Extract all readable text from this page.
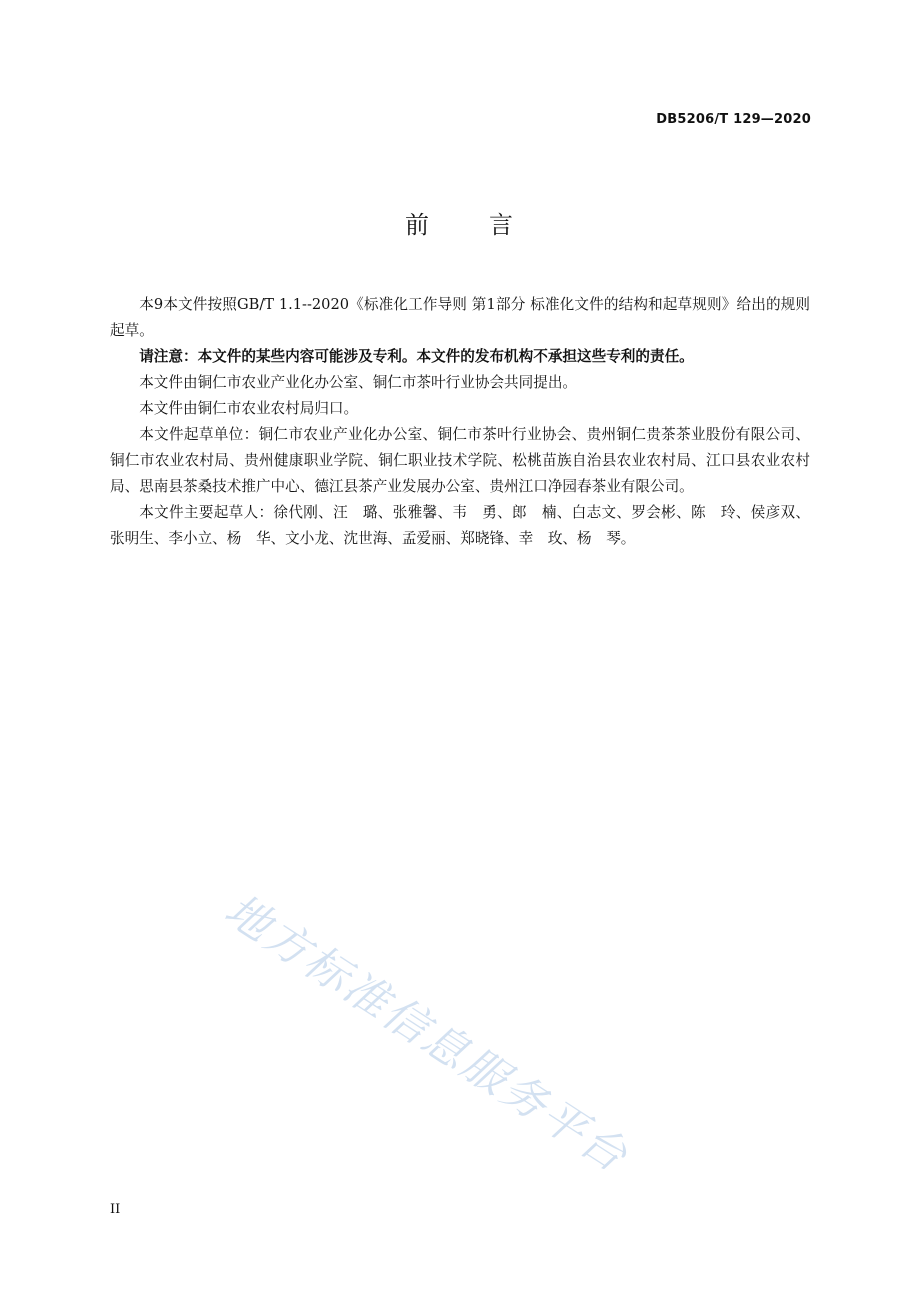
DB5206/T 129—2020
前 言

本9本文件按照GB/T 1.1--2020《标准化工作导则 第1部分 标准化文件的结构和起草规则》给出的规则起草。

请注意：本文件的某些内容可能涉及专利。本文件的发布机构不承担这些专利的责任。

本文件由铜仁市农业产业化办公室、铜仁市茶叶行业协会共同提出。

本文件由铜仁市农业农村局归口。

本文件起草单位：铜仁市农业产业化办公室、铜仁市茶叶行业协会、贵州铜仁贵茶茶业股份有限公司、铜仁市农业农村局、贵州健康职业学院、铜仁职业技术学院、松桃苗族自治县农业农村局、江口县农业农村局、思南县茶桑技术推广中心、德江县茶产业发展办公室、贵州江口净园春茶业有限公司。

本文件主要起草人：徐代刚、汪　璐、张雅馨、韦　勇、郎　楠、白志文、罗会彬、陈　玲、侯彦双、张明生、李小立、杨　华、文小龙、沈世海、孟爱丽、郑晓锋、幸　玫、杨　琴。

地方标准信息服务平台
II
